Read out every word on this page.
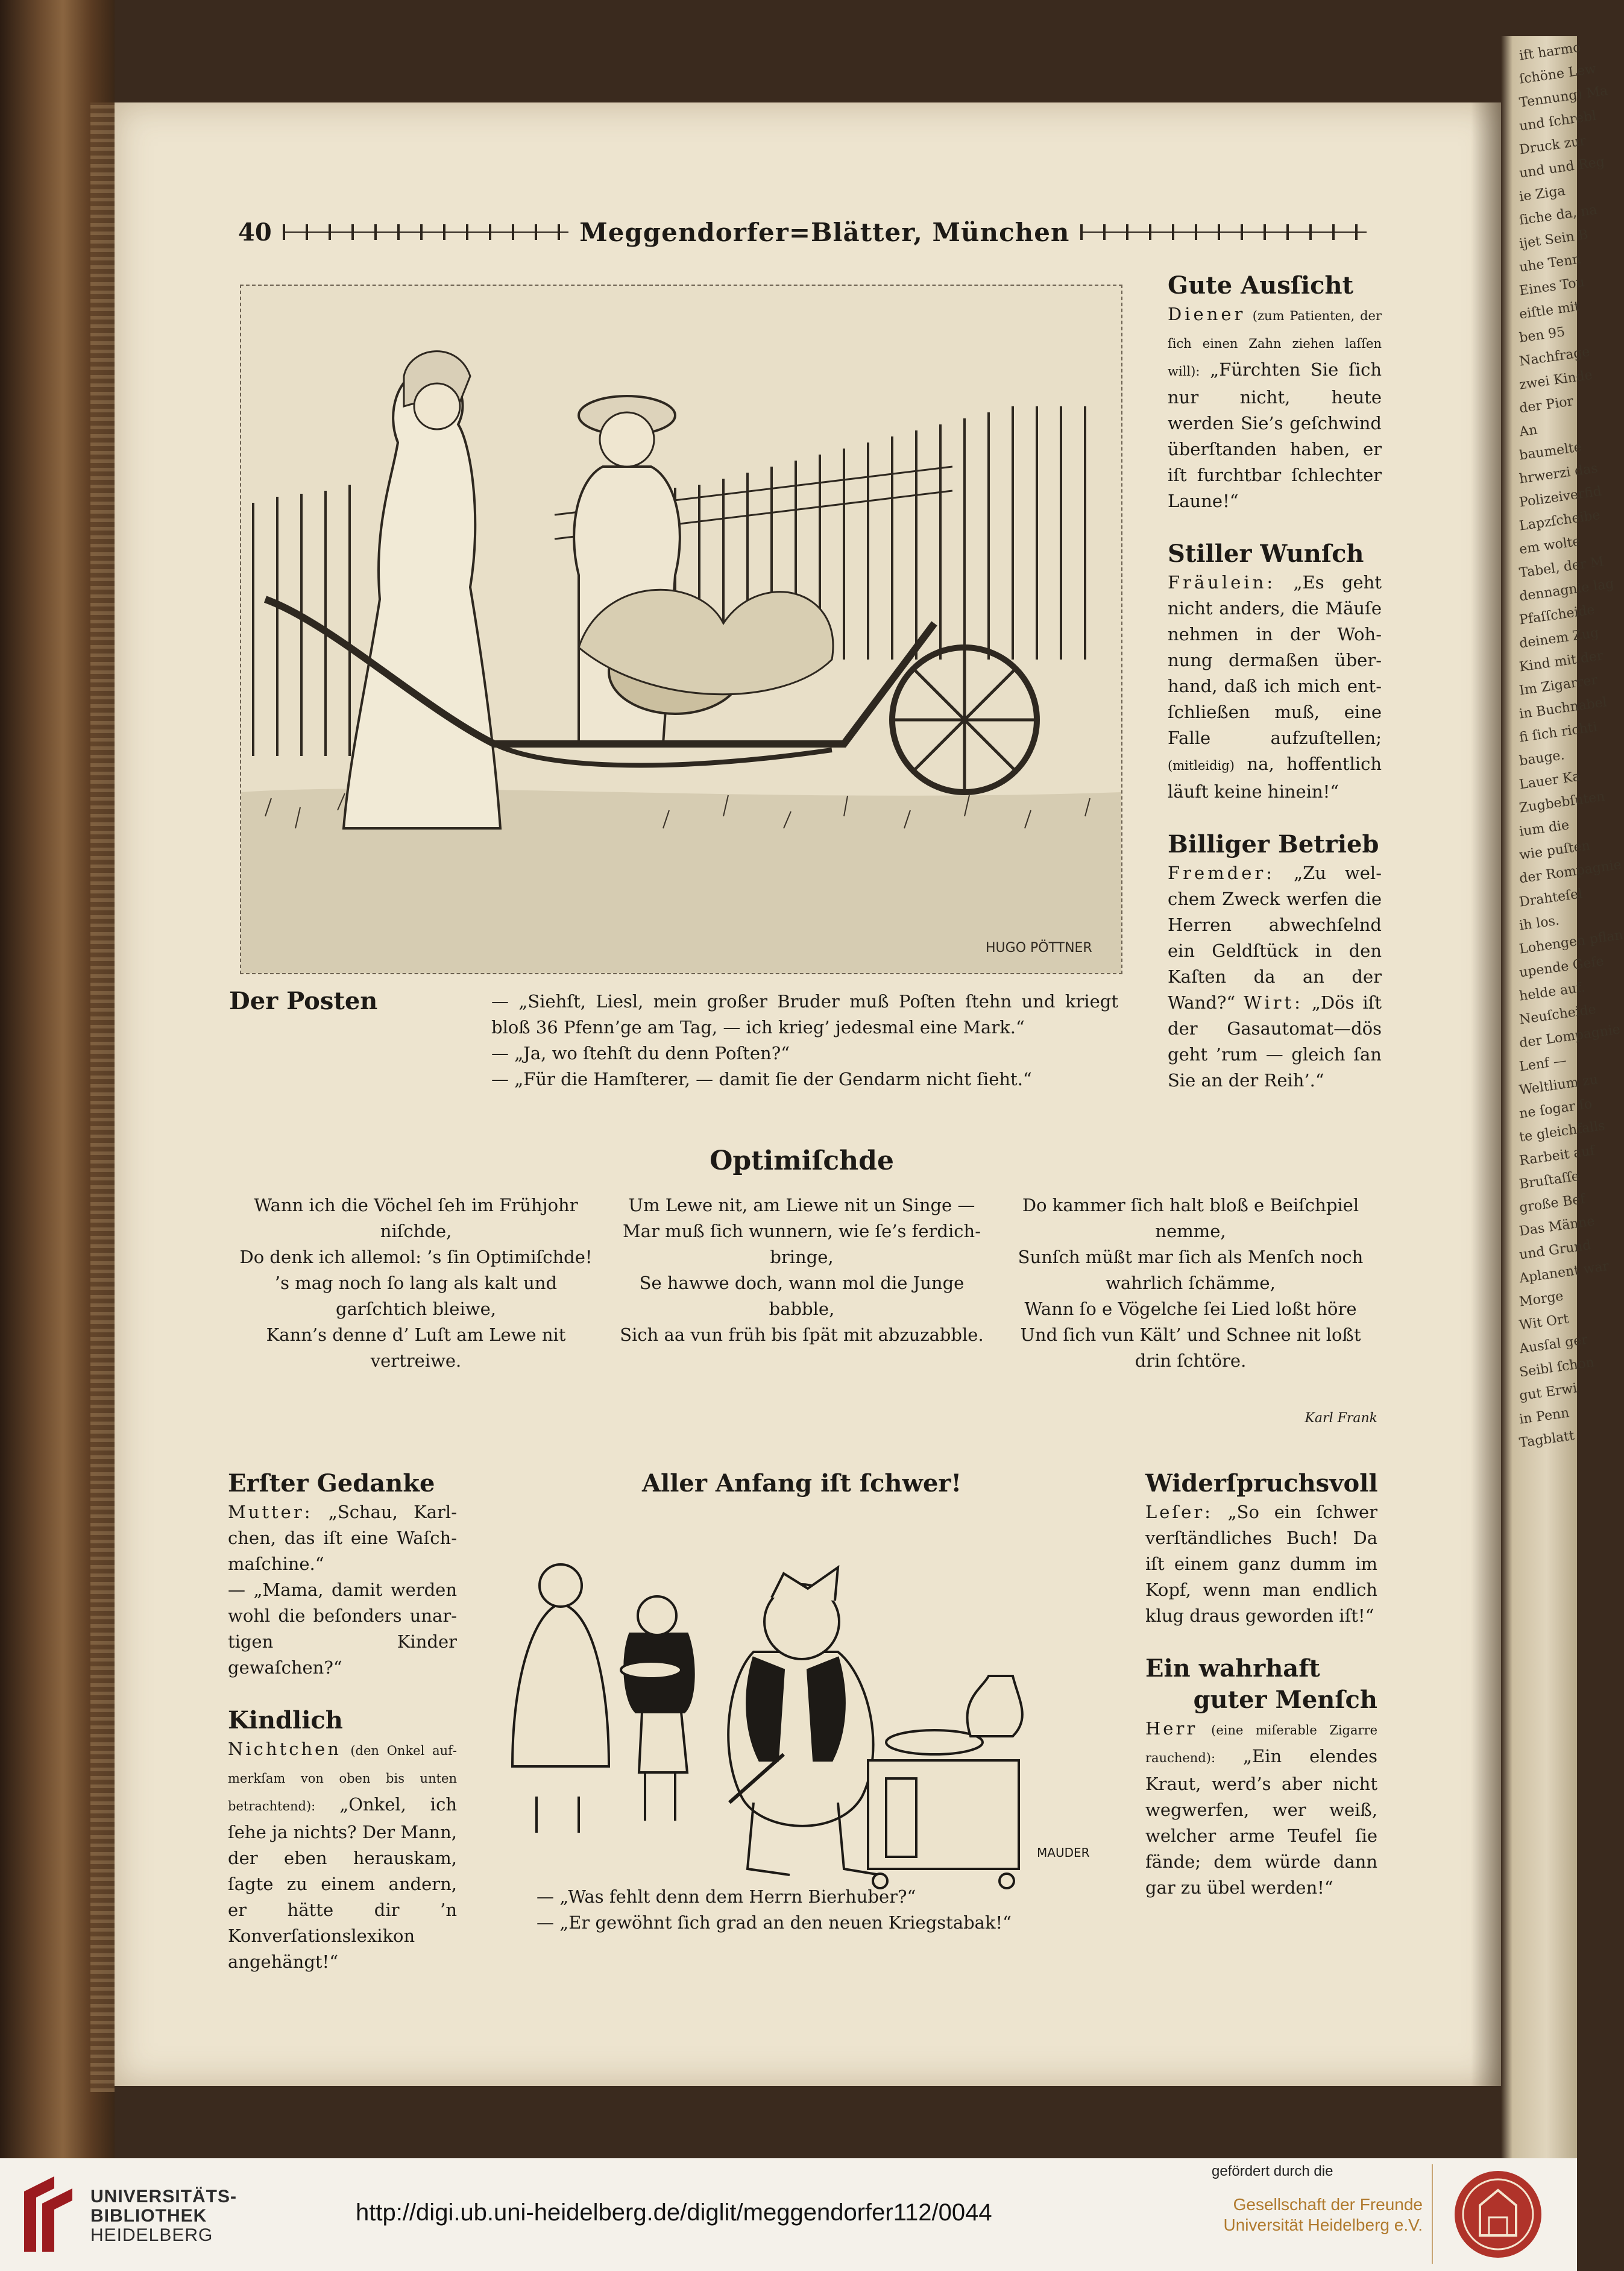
ift harmo
ſchöne Lew
Tennung) Ma
und ſchrebl
Druck zur
und und Reg
ie Ziga
ſiche da, na
ijet Sein B
uhe Tenn
Eines Tou
eiſtle mit
ben 95
Nachfrage
zwei Kinde
der Pior
An
baumelte
hrwerzi das
Polizeiverfid
Lapzſcheibe
em wolte
Tabel, der M
dennagnie lag
Pfaſſcheide
deinem Zug
Kind mit der
Im Zigarrer
in Buchnabel
fi ſich richti
bauge.
Lauer Ka
Zugbebſuten
ium die
wie puſten
der Rompagnie
Drahteſel
ih los.
Lohengen pflan
upende Gefe
helde auf.
Neuſcheide
der Lompagnie
Lenf —
Weltlium zu
ne ſogar ſo
te gleichfalls
Rarbeit auf
Bruſtaſſe
große Bef
Das Männe
und Grund
Aplanent war
Morge
Wit Ort
Ausſal ger
Seibl ſchon
gut Erwi
in Penn
Tagblatt
40	Meggendorfer=Blätter, München
HUGO PÖTTNER
Der Posten	— „Siehſt, Liesl, mein großer Bruder muß Poſten ſtehn und kriegt bloß 36 Pfenn’ge am Tag, — ich krieg’ jedesmal eine Mark.“
— „Ja, wo ſtehſt du denn Poſten?“
— „Für die Hamſterer, — damit ſie der Gendarm nicht ſieht.“
Gute Ausſicht
Diener (zum Patienten, der ſich einen Zahn ziehen laſſen will): „Fürchten Sie ſich nur nicht, heute werden Sie’s geſchwind überſtanden haben, er iſt furchtbar ſchlechter Laune!“
Stiller Wunſch
Fräulein: „Es geht nicht anders, die Mäuſe nehmen in der Wohnung dermaßen überhand, daß ich mich entſchließen muß, eine Falle aufzuſtellen; (mitleidig) na, hoffentlich läuft keine hinein!“
Billiger Betrieb
Fremder: „Zu welchem Zweck werfen die Herren abwechſelnd ein Geldſtück in den Kaſten da an der Wand?“ Wirt: „Dös iſt der Gasautomat—dös geht ’rum — gleich ſan Sie an der Reih’.“
Optimiſchde
Wann ich die Vöchel ſeh im Frühjohr niſchde,
Do denk ich allemol: ’s ſin Optimiſchde!
’s mag noch ſo lang als kalt und garſchtich bleiwe,
Kann’s denne d’ Luſt am Lewe nit vertreiwe.
Um Lewe nit, am Liewe nit un Singe —
Mar muß ſich wunnern, wie ſe’s ferdichbringe,
Se hawwe doch, wann mol die Junge babble,
Sich aa vun früh bis ſpät mit abzuzabble.
Do kammer ſich halt bloß e Beiſchpiel nemme,
Sunſch müßt mar ſich als Menſch noch wahrlich ſchämme,
Wann ſo e Vögelche ſei Lied loßt höre
Und ſich vun Kält’ und Schnee nit loßt drin ſchtöre.
Karl Frank
Erſter Gedanke
Mutter: „Schau, Karlchen, das iſt eine Waſchmaſchine.“
— „Mama, damit werden wohl die beſonders unartigen Kinder gewaſchen?“
Kindlich
Nichtchen (den Onkel aufmerkſam von oben bis unten betrachtend): „Onkel, ich ſehe ja nichts? Der Mann, der eben herauskam, ſagte zu einem andern, er hätte dir ’n Konverſationslexikon angehängt!“
Aller Anfang iſt ſchwer!
MAUDER
— „Was fehlt denn dem Herrn Bierhuber?“
— „Er gewöhnt ſich grad an den neuen Kriegstabak!“
Widerſpruchsvoll
Leſer: „So ein ſchwer verſtändliches Buch! Da iſt einem ganz dumm im Kopf, wenn man endlich klug draus geworden iſt!“
Ein wahrhaft
guter Menſch
Herr (eine miſerable Zigarre rauchend): „Ein elendes Kraut, werd’s aber nicht wegwerfen, wer weiß, welcher arme Teufel ſie fände; dem würde dann gar zu übel werden!“
UNIVERSITÄTS-
BIBLIOTHEK
HEIDELBERG
http://digi.ub.uni-heidelberg.de/diglit/meggendorfer112/0044
gefördert durch die
Gesellschaft der Freunde
Universität Heidelberg e.V.
